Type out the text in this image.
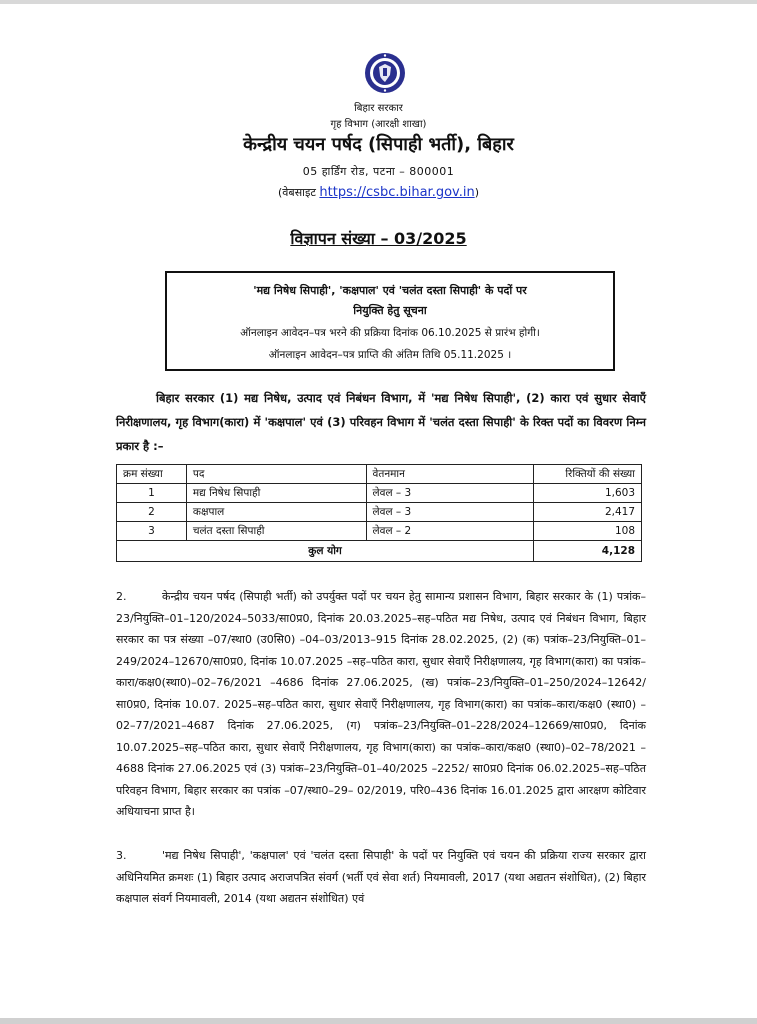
बिहार सरकार
गृह विभाग (आरक्षी शाखा)
केन्द्रीय चयन पर्षद (सिपाही भर्ती), बिहार
05 हार्डिंग रोड, पटना – 800001
(वेबसाइट https://csbc.bihar.gov.in)
विज्ञापन संख्या – 03/2025
'मद्य निषेध सिपाही', 'कक्षपाल' एवं 'चलंत दस्ता सिपाही' के पदों पर
नियुक्ति हेतु सूचना
ऑनलाइन आवेदन–पत्र भरने की प्रक्रिया दिनांक 06.10.2025 से प्रारंभ होगी।
ऑनलाइन आवेदन–पत्र प्राप्ति की अंतिम तिथि 05.11.2025 ।
बिहार सरकार (1) मद्य निषेध, उत्पाद एवं निबंधन विभाग, में 'मद्य निषेध सिपाही', (2) कारा एवं सुधार सेवाएँ निरीक्षणालय, गृह विभाग(कारा) में 'कक्षपाल' एवं (3) परिवहन विभाग में 'चलंत दस्ता सिपाही' के रिक्त पदों का विवरण निम्न प्रकार है :–
क्रम संख्या	पद	वेतनमान	रिक्तियों की संख्या
1	मद्य निषेध सिपाही	लेवल – 3	1,603
2	कक्षपाल	लेवल – 3	2,417
3	चलंत दस्ता सिपाही	लेवल – 2	108
कुल योग			4,128
2.	केन्द्रीय चयन पर्षद (सिपाही भर्ती) को उपर्युक्त पदों पर चयन हेतु सामान्य प्रशासन विभाग, बिहार सरकार के (1) पत्रांक–23/नियुक्ति–01–120/2024–5033/सा0प्र0, दिनांक 20.03.2025–सह–पठित मद्य निषेध, उत्पाद एवं निबंधन विभाग, बिहार सरकार का पत्र संख्या –07/स्था0 (उ0सि0) –04–03/2013–915 दिनांक 28.02.2025, (2) (क) पत्रांक–23/नियुक्ति–01–249/2024–12670/सा0प्र0, दिनांक 10.07.2025 –सह–पठित कारा, सुधार सेवाएँ निरीक्षणालय, गृह विभाग(कारा) का पत्रांक– कारा/कक्ष0(स्था0)–02–76/2021 –4686 दिनांक 27.06.2025, (ख) पत्रांक–23/नियुक्ति–01–250/2024–12642/सा0प्र0, दिनांक 10.07. 2025–सह–पठित कारा, सुधार सेवाएँ निरीक्षणालय, गृह विभाग(कारा) का पत्रांक–कारा/कक्ष0 (स्था0) –02–77/2021–4687 दिनांक 27.06.2025, (ग) पत्रांक–23/नियुक्ति–01–228/2024–12669/सा0प्र0, दिनांक 10.07.2025–सह–पठित कारा, सुधार सेवाएँ निरीक्षणालय, गृह विभाग(कारा) का पत्रांक–कारा/कक्ष0 (स्था0)–02–78/2021 –4688 दिनांक 27.06.2025 एवं (3) पत्रांक–23/नियुक्ति–01–40/2025 –2252/ सा0प्र0 दिनांक 06.02.2025–सह–पठित परिवहन विभाग, बिहार सरकार का पत्रांक –07/स्था0–29– 02/2019, परि0–436 दिनांक 16.01.2025 द्वारा आरक्षण कोटिवार अधियाचना प्राप्त है।
3.	'मद्य निषेध सिपाही', 'कक्षपाल' एवं 'चलंत दस्ता सिपाही' के पदों पर नियुक्ति एवं चयन की प्रक्रिया राज्य सरकार द्वारा अधिनियमित क्रमशः (1) बिहार उत्पाद अराजपत्रित संवर्ग (भर्ती एवं सेवा शर्त) नियमावली, 2017 (यथा अद्यतन संशोधित), (2) बिहार कक्षपाल संवर्ग नियमावली, 2014 (यथा अद्यतन संशोधित) एवं
